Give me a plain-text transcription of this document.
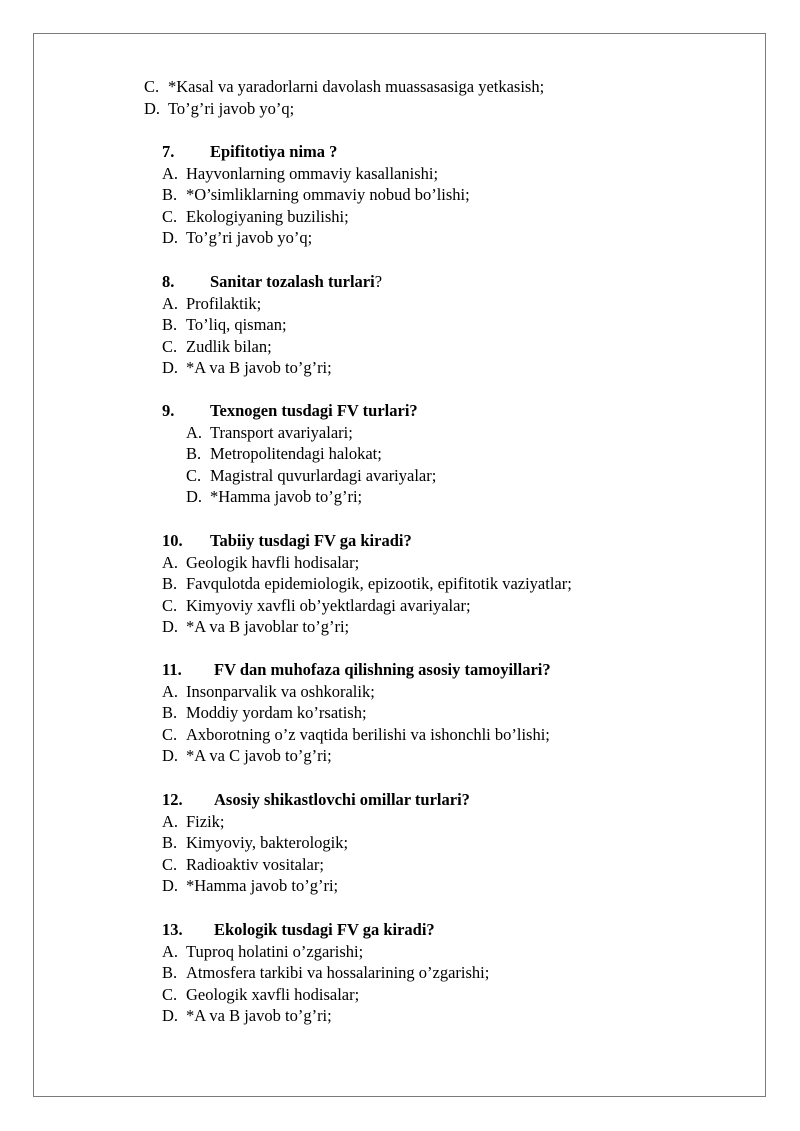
C. *Kasal va yaradorlarni davolash muassasasiga yetkasish;
D. To’g’ri javob yo’q;
7. Epifitotiya nima ?
A. Hayvonlarning ommaviy kasallanishi;
B. *O’simliklarning ommaviy nobud bo’lishi;
C. Ekologiyaning buzilishi;
D. To’g’ri javob yo’q;
8. Sanitar tozalash turlari?
A. Profilaktik;
B. To’liq, qisman;
C. Zudlik bilan;
D. *A va B javob to’g’ri;
9. Texnogen tusdagi FV turlari?
A. Transport avariyalari;
B. Metropolitendagi halokat;
C. Magistral quvurlardagi avariyalar;
D. *Hamma javob to’g’ri;
10. Tabiiy tusdagi FV ga kiradi?
A. Geologik havfli hodisalar;
B. Favqulotda epidemiologik, epizootik, epifitotik vaziyatlar;
C. Kimyoviy xavfli ob’yektlardagi avariyalar;
D. *A va B javoblar to’g’ri;
11. FV dan muhofaza qilishning asosiy tamoyillari?
A. Insonparvalik va oshkoralik;
B. Moddiy yordam ko’rsatish;
C. Axborotning o’z vaqtida berilishi va ishonchli bo’lishi;
D. *A va C javob to’g’ri;
12. Asosiy shikastlovchi omillar turlari?
A. Fizik;
B. Kimyoviy, bakterologik;
C. Radioaktiv vositalar;
D. *Hamma javob to’g’ri;
13. Ekologik tusdagi FV ga kiradi?
A. Tuproq holatini o’zgarishi;
B. Atmosfera tarkibi va hossalarining o’zgarishi;
C. Geologik xavfli hodisalar;
D. *A va B javob to’g’ri;
